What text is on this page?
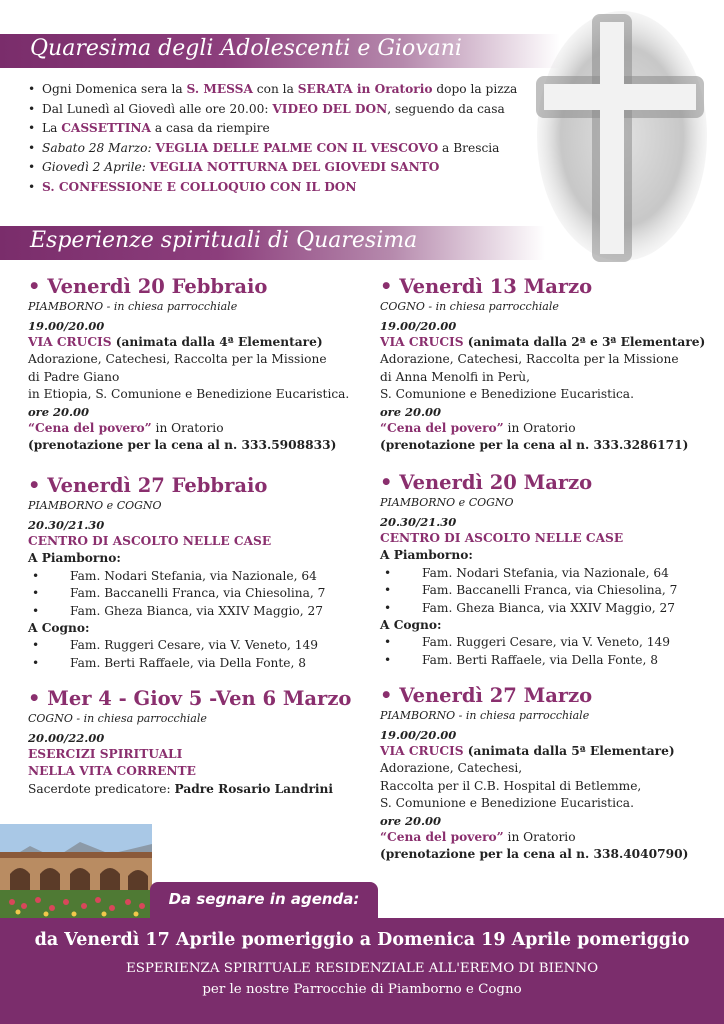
Quaresima degli Adolescenti e Giovani
• Ogni Domenica sera la S. MESSA con la SERATA in Oratorio dopo la pizza
• Dal Lunedì al Giovedì alle ore 20.00: VIDEO DEL DON, seguendo da casa
• La CASSETTINA a casa da riempire
• Sabato 28 Marzo: VEGLIA DELLE PALME CON IL VESCOVO a Brescia
• Giovedì 2 Aprile: VEGLIA NOTTURNA DEL GIOVEDI SANTO
• S. CONFESSIONE E COLLOQUIO CON IL DON
Esperienze spirituali di Quaresima
• Venerdì 20 Febbraio
PIAMBORNO - in chiesa parrocchiale
19.00/20.00
VIA CRUCIS (animata dalla 4ª Elementare)
Adorazione, Catechesi, Raccolta per la Missione
di Padre Giano
in Etiopia, S. Comunione e Benedizione Eucaristica.
ore 20.00
“Cena del povero” in Oratorio
(prenotazione per la cena al n. 333.5908833)
• Venerdì 27 Febbraio
PIAMBORNO e COGNO
20.30/21.30
CENTRO DI ASCOLTO NELLE CASE
A Piamborno:
• Fam. Nodari Stefania, via Nazionale, 64
• Fam. Baccanelli Franca, via Chiesolina, 7
• Fam. Gheza Bianca, via XXIV Maggio, 27
A Cogno:
• Fam. Ruggeri Cesare, via V. Veneto, 149
• Fam. Berti Raffaele, via Della Fonte, 8
• Mer 4 - Giov 5 -Ven 6 Marzo
COGNO - in chiesa parrocchiale
20.00/22.00
ESERCIZI SPIRITUALI
NELLA VITA CORRENTE
Sacerdote predicatore: Padre Rosario Landrini
• Venerdì 13 Marzo
COGNO - in chiesa parrocchiale
19.00/20.00
VIA CRUCIS (animata dalla 2ª e 3ª Elementare)
Adorazione, Catechesi, Raccolta per la Missione
di Anna Menolfi in Perù,
S. Comunione e Benedizione Eucaristica.
ore 20.00
“Cena del povero” in Oratorio
(prenotazione per la cena al n. 333.3286171)
• Venerdì 20 Marzo
PIAMBORNO e COGNO
20.30/21.30
CENTRO DI ASCOLTO NELLE CASE
A Piamborno:
• Fam. Nodari Stefania, via Nazionale, 64
• Fam. Baccanelli Franca, via Chiesolina, 7
• Fam. Gheza Bianca, via XXIV Maggio, 27
A Cogno:
• Fam. Ruggeri Cesare, via V. Veneto, 149
• Fam. Berti Raffaele, via Della Fonte, 8
• Venerdì 27 Marzo
PIAMBORNO - in chiesa parrocchiale
19.00/20.00
VIA CRUCIS (animata dalla 5ª Elementare)
Adorazione, Catechesi,
Raccolta per il C.B. Hospital di Betlemme,
S. Comunione e Benedizione Eucaristica.
ore 20.00
“Cena del povero” in Oratorio
(prenotazione per la cena al n. 338.4040790)
Da segnare in agenda:
da Venerdì 17 Aprile pomeriggio a Domenica 19 Aprile pomeriggio
ESPERIENZA SPIRITUALE RESIDENZIALE ALL'EREMO DI BIENNO
per le nostre Parrocchie di Piamborno e Cogno
